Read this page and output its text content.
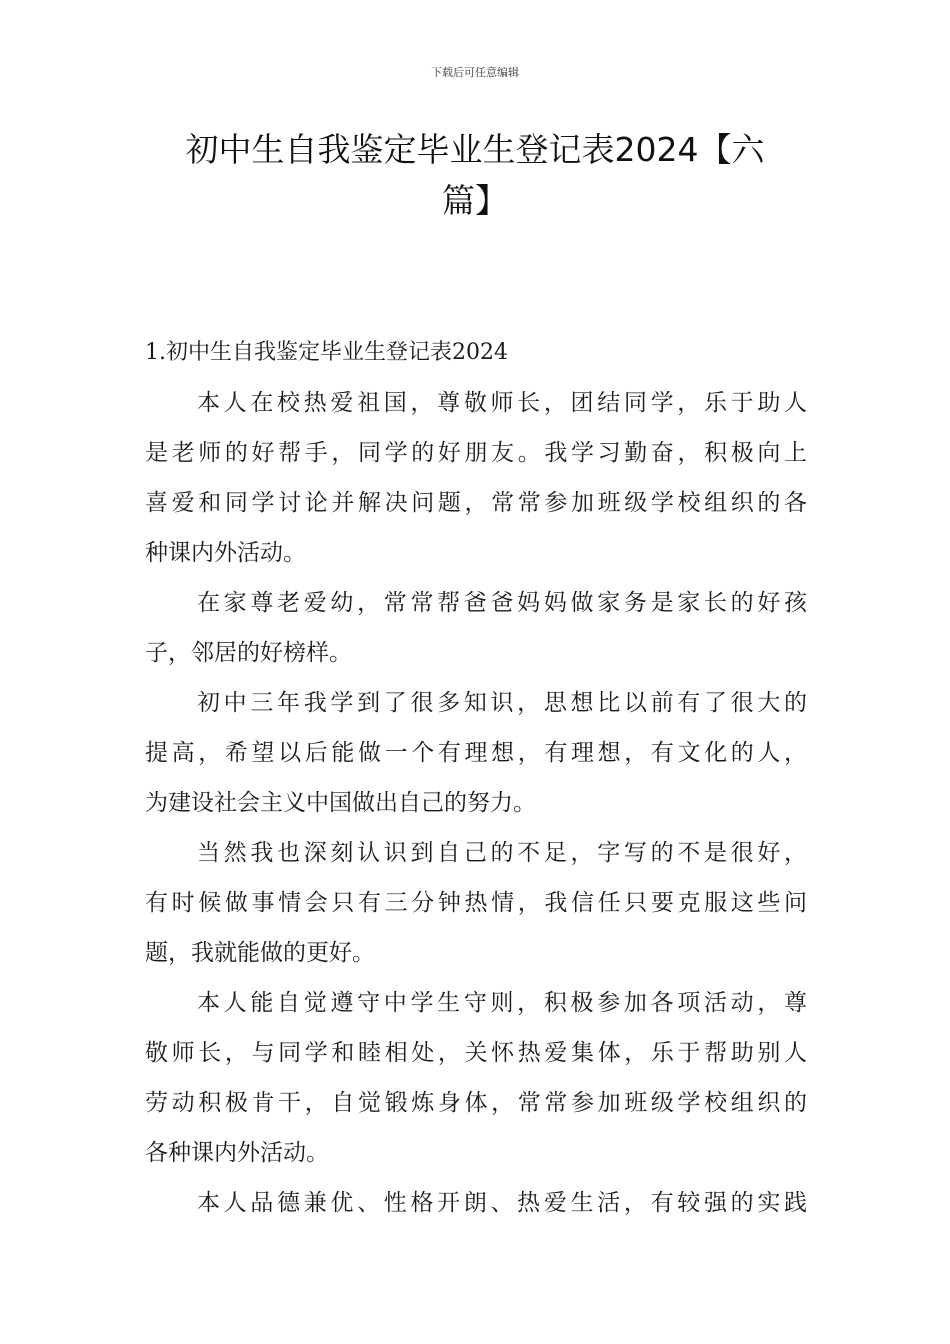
下载后可任意编辑
初中生自我鉴定毕业生登记表2024【六
篇】
1.初中生自我鉴定毕业生登记表2024

本人在校热爱祖国，尊敬师长，团结同学，乐于助人
是老师的好帮手，同学的好朋友。我学习勤奋，积极向上
喜爱和同学讨论并解决问题，常常参加班级学校组织的各
种课内外活动。

在家尊老爱幼，常常帮爸爸妈妈做家务是家长的好孩
子，邻居的好榜样。

初中三年我学到了很多知识，思想比以前有了很大的
提高，希望以后能做一个有理想，有理想，有文化的人，
为建设社会主义中国做出自己的努力。

当然我也深刻认识到自己的不足，字写的不是很好，
有时候做事情会只有三分钟热情，我信任只要克服这些问
题，我就能做的更好。

本人能自觉遵守中学生守则，积极参加各项活动，尊
敬师长，与同学和睦相处，关怀热爱集体，乐于帮助别人
劳动积极肯干，自觉锻炼身体，常常参加班级学校组织的
各种课内外活动。

本人品德兼优、性格开朗、热爱生活，有较强的实践
